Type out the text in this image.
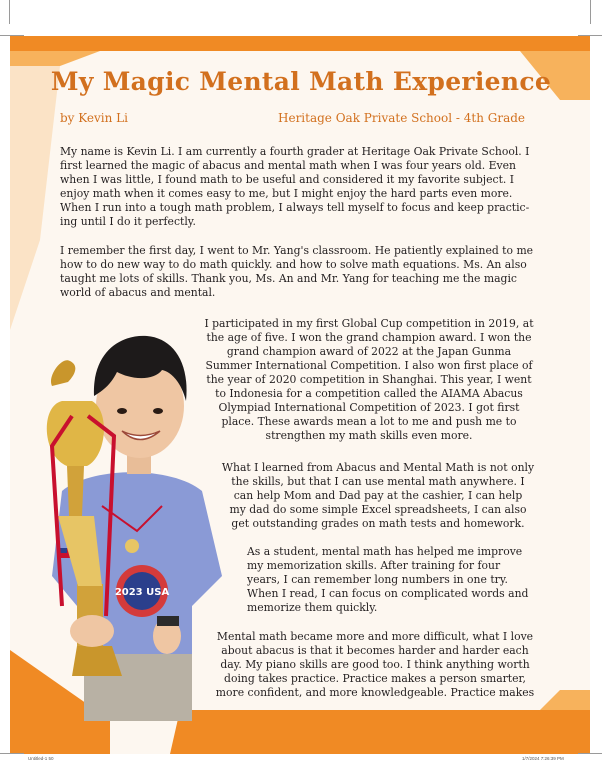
My Magic Mental Math Experience
by Kevin Li	Heritage Oak Private School - 4th Grade
My name is Kevin Li. I am currently a fourth grader at Heritage Oak Private School. I
first learned the magic of abacus and mental math when I was four years old. Even
when I was little, I found math to be useful and considered it my favorite subject. I
enjoy math when it comes easy to me, but I might enjoy the hard parts even more.
When I run into a tough math problem, I always tell myself to focus and keep practic-
ing until I do it perfectly.
I remember the first day, I went to Mr. Yang's classroom. He patiently explained to me
how to do new way to do math quickly. and how to solve math equations. Ms. An also
taught me lots of skills. Thank you, Ms. An and Mr. Yang for teaching me the magic
world of abacus and mental.
I participated in my first Global Cup competition in 2019, at
the age of five. I won the grand champion award. I won the
grand champion award of 2022 at the Japan Gunma
Summer International Competition. I also won first place of
the year of 2020 competition in Shanghai. This year, I went
to Indonesia for a competition called the AIAMA Abacus
Olympiad International Competition of 2023. I got first
place. These awards mean a lot to me and push me to
strengthen my math skills even more.
What I learned from Abacus and Mental Math is not only
the skills, but that I can use mental math anywhere. I
can help Mom and Dad pay at the cashier, I can help
my dad do some simple Excel spreadsheets, I can also
get outstanding grades on math tests and homework.
As a student, mental math has helped me improve
my memorization skills. After training for four
years, I can remember long numbers in one try.
When I read, I can focus on complicated words and
memorize them quickly.
Mental math became more and more difficult, what I love
about abacus is that it becomes harder and harder each
day. My piano skills are good too. I think anything worth
doing takes practice. Practice makes a person smarter,
more confident, and more knowledgeable. Practice makes
2023 USA
Untitled-1 50	1/7/2024 7:26:39 PM
